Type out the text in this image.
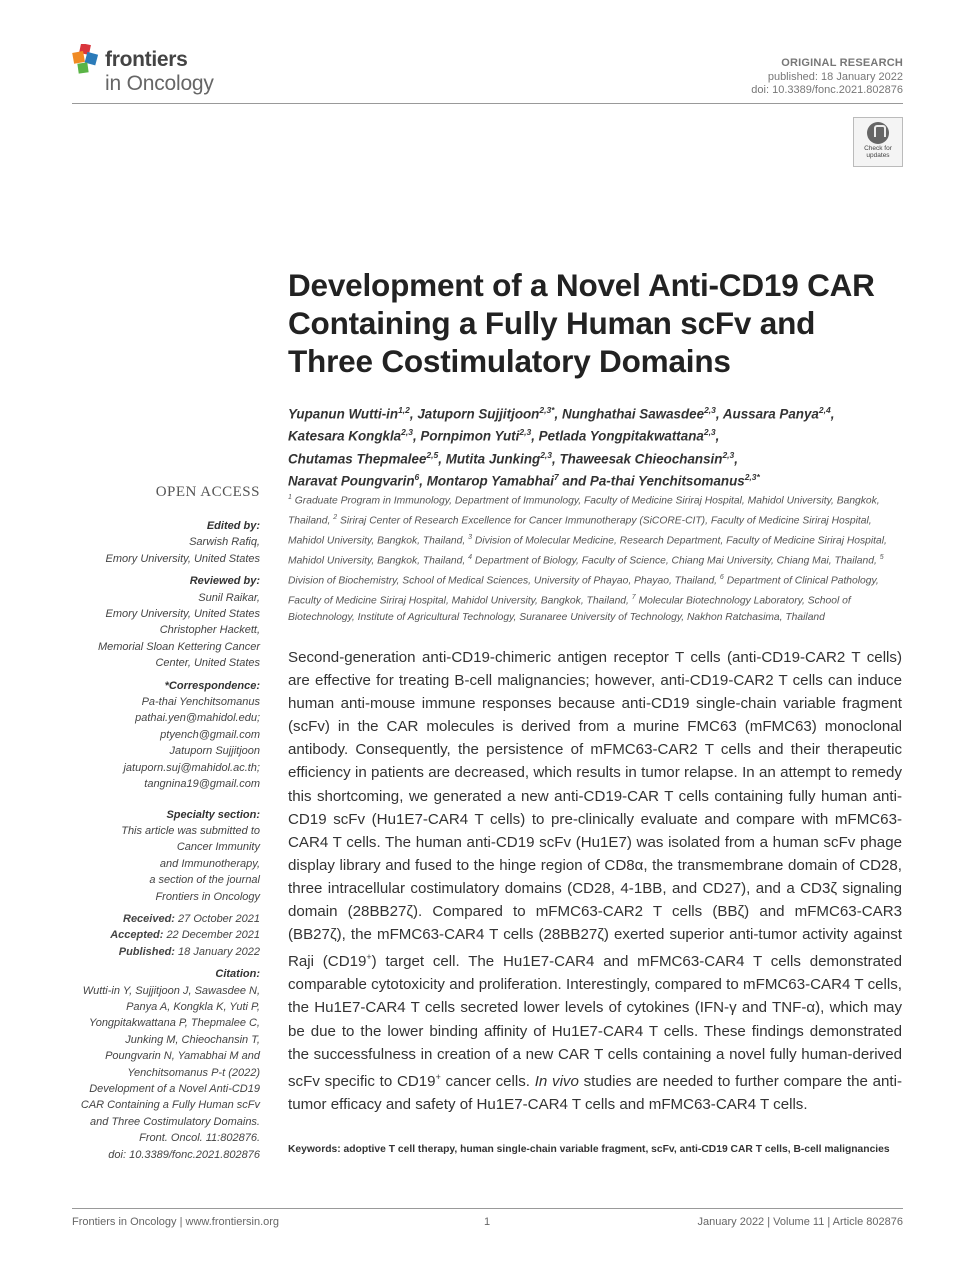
frontiers
in Oncology
ORIGINAL RESEARCH
published: 18 January 2022
doi: 10.3389/fonc.2021.802876
Check for updates
Development of a Novel Anti-CD19 CAR Containing a Fully Human scFv and Three Costimulatory Domains
Yupanun Wutti-in$^{1,2}$, Jatuporn Sujjitjoon$^{2,3*}$, Nunghathai Sawasdee$^{2,3}$, Aussara Panya$^{2,4}$,
Katesara Kongkla$^{2,3}$, Pornpimon Yuti$^{2,3}$, Petlada Yongpitakwattana$^{2,3}$,
Chutamas Thepmalee$^{2,5}$, Mutita Junking$^{2,3}$, Thaweesak Chieochansin$^{2,3}$,
Naravat Poungvarin$^6$, Montarop Yamabhai$^7$ and Pa-thai Yenchitsomanus$^{2,3*}$
$^1$ Graduate Program in Immunology, Department of Immunology, Faculty of Medicine Siriraj Hospital, Mahidol University, Bangkok, Thailand, $^2$ Siriraj Center of Research Excellence for Cancer Immunotherapy (SiCORE-CIT), Faculty of Medicine Siriraj Hospital, Mahidol University, Bangkok, Thailand, $^3$ Division of Molecular Medicine, Research Department, Faculty of Medicine Siriraj Hospital, Mahidol University, Bangkok, Thailand, $^4$ Department of Biology, Faculty of Science, Chiang Mai University, Chiang Mai, Thailand, $^5$ Division of Biochemistry, School of Medical Sciences, University of Phayao, Phayao, Thailand, $^6$ Department of Clinical Pathology, Faculty of Medicine Siriraj Hospital, Mahidol University, Bangkok, Thailand, $^7$ Molecular Biotechnology Laboratory, School of Biotechnology, Institute of Agricultural Technology, Suranaree University of Technology, Nakhon Ratchasima, Thailand
OPEN ACCESS
Edited by:
Sarwish Rafiq,
Emory University, United States
Reviewed by:
Sunil Raikar,
Emory University, United States
Christopher Hackett,
Memorial Sloan Kettering Cancer
Center, United States
*Correspondence:
Pa-thai Yenchitsomanus
pathai.yen@mahidol.edu;
ptyench@gmail.com
Jatuporn Sujjitjoon
jatuporn.suj@mahidol.ac.th;
tangnina19@gmail.com
Specialty section:
This article was submitted to
Cancer Immunity
and Immunotherapy,
a section of the journal
Frontiers in Oncology
Received: 27 October 2021
Accepted: 22 December 2021
Published: 18 January 2022
Citation:
Wutti-in Y, Sujjitjoon J, Sawasdee N,
Panya A, Kongkla K, Yuti P,
Yongpitakwattana P, Thepmalee C,
Junking M, Chieochansin T,
Poungvarin N, Yamabhai M and
Yenchitsomanus P-t (2022)
Development of a Novel Anti-CD19
CAR Containing a Fully Human scFv
and Three Costimulatory Domains.
Front. Oncol. 11:802876.
doi: 10.3389/fonc.2021.802876
Second-generation anti-CD19-chimeric antigen receptor T cells (anti-CD19-CAR2 T cells) are effective for treating B-cell malignancies; however, anti-CD19-CAR2 T cells can induce human anti-mouse immune responses because anti-CD19 single-chain variable fragment (scFv) in the CAR molecules is derived from a murine FMC63 (mFMC63) monoclonal antibody. Consequently, the persistence of mFMC63-CAR2 T cells and their therapeutic efficiency in patients are decreased, which results in tumor relapse. In an attempt to remedy this shortcoming, we generated a new anti-CD19-CAR T cells containing fully human anti-CD19 scFv (Hu1E7-CAR4 T cells) to pre-clinically evaluate and compare with mFMC63-CAR4 T cells. The human anti-CD19 scFv (Hu1E7) was isolated from a human scFv phage display library and fused to the hinge region of CD8α, the transmembrane domain of CD28, three intracellular costimulatory domains (CD28, 4-1BB, and CD27), and a CD3ζ signaling domain (28BB27ζ). Compared to mFMC63-CAR2 T cells (BBζ) and mFMC63-CAR3 (BB27ζ), the mFMC63-CAR4 T cells (28BB27ζ) exerted superior anti-tumor activity against Raji (CD19+) target cell. The Hu1E7-CAR4 and mFMC63-CAR4 T cells demonstrated comparable cytotoxicity and proliferation. Interestingly, compared to mFMC63-CAR4 T cells, the Hu1E7-CAR4 T cells secreted lower levels of cytokines (IFN-γ and TNF-α), which may be due to the lower binding affinity of Hu1E7-CAR4 T cells. These findings demonstrated the successfulness in creation of a new CAR T cells containing a novel fully human-derived scFv specific to CD19+ cancer cells. In vivo studies are needed to further compare the anti-tumor efficacy and safety of Hu1E7-CAR4 T cells and mFMC63-CAR4 T cells.
Keywords: adoptive T cell therapy, human single-chain variable fragment, scFv, anti-CD19 CAR T cells, B-cell malignancies
Frontiers in Oncology | www.frontiersin.org	1	January 2022 | Volume 11 | Article 802876
